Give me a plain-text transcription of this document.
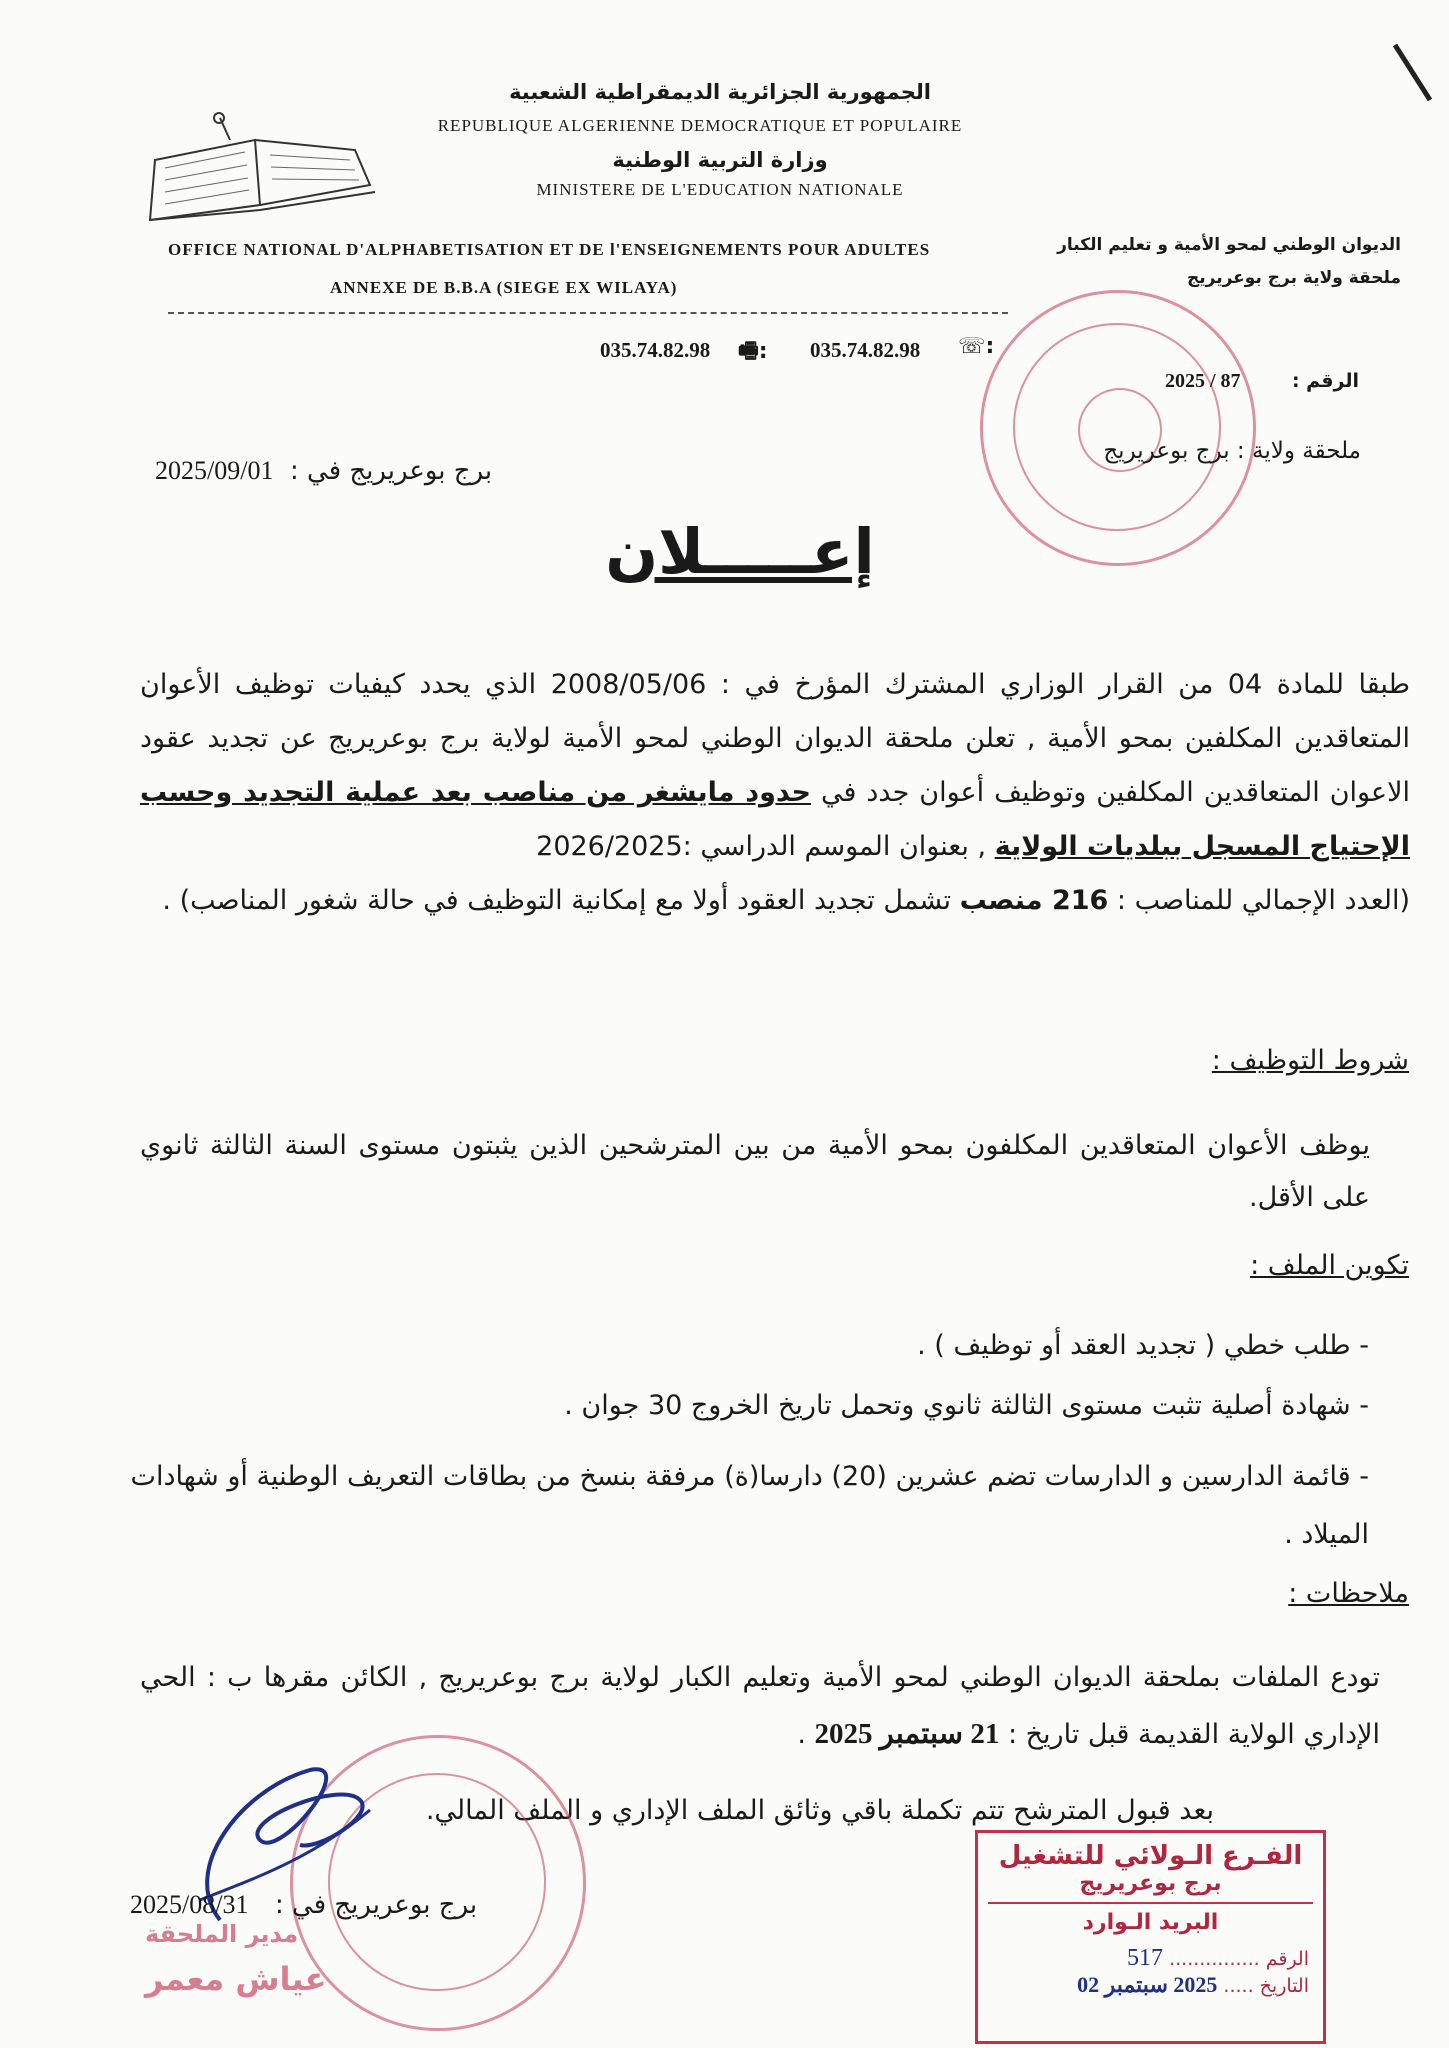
الجمهورية الجزائرية الديمقراطية الشعبية
REPUBLIQUE ALGERIENNE DEMOCRATIQUE ET POPULAIRE
وزارة التربية الوطنية
MINISTERE DE L'EDUCATION NATIONALE
OFFICE NATIONAL D'ALPHABETISATION ET DE l'ENSEIGNEMENTS POUR ADULTES
ANNEXE DE B.B.A (SIEGE EX WILAYA)
الديوان الوطني لمحو الأمية و تعليم الكبار
ملحقة ولاية برج بوعريريج
035.74.82.98 🖷: 035.74.82.98 ☏:
الرقم :
2025 / 87
ملحقة ولاية : برج بوعريريج
2025/09/01 برج بوعريريج في :
إعـــــلان
طبقا للمادة 04 من القرار الوزاري المشترك المؤرخ في : 2008/05/06 الذي يحدد كيفيات توظيف الأعوان المتعاقدين المكلفين بمحو الأمية , تعلن ملحقة الديوان الوطني لمحو الأمية لولاية برج بوعريريج عن تجديد عقود الاعوان المتعاقدين المكلفين وتوظيف أعوان جدد في حدود مايشغر من مناصب بعد عملية التجديد وحسب الإحتياج المسجل ببلديات الولاية , بعنوان الموسم الدراسي :2026/2025
(العدد الإجمالي للمناصب : 216 منصب تشمل تجديد العقود أولا مع إمكانية التوظيف في حالة شغور المناصب) .
شروط التوظيف :
يوظف الأعوان المتعاقدين المكلفون بمحو الأمية من بين المترشحين الذين يثبتون مستوى السنة الثالثة ثانوي على الأقل.
تكوين الملف :
- طلب خطي ( تجديد العقد أو توظيف ) .
- شهادة أصلية تثبت مستوى الثالثة ثانوي وتحمل تاريخ الخروج 30 جوان .
- قائمة الدارسين و الدارسات تضم عشرين (20) دارسا(ة) مرفقة بنسخ من بطاقات التعريف الوطنية أو شهادات الميلاد .
ملاحظات :
تودع الملفات بملحقة الديوان الوطني لمحو الأمية وتعليم الكبار لولاية برج بوعريريج , الكائن مقرها ب : الحي الإداري الولاية القديمة قبل تاريخ : 21 سبتمبر 2025 .
بعد قبول المترشح تتم تكملة باقي وثائق الملف الإداري و الملف المالي.
2025/08/31 برج بوعريريج في :
مدير الملحقة
عياش معمر
الفـرع الـولائي للتشغيل
برج بوعريريج
البريد الـوارد
الرقم ............... 517
التاريخ ..... 2025 سبتمبر 02
